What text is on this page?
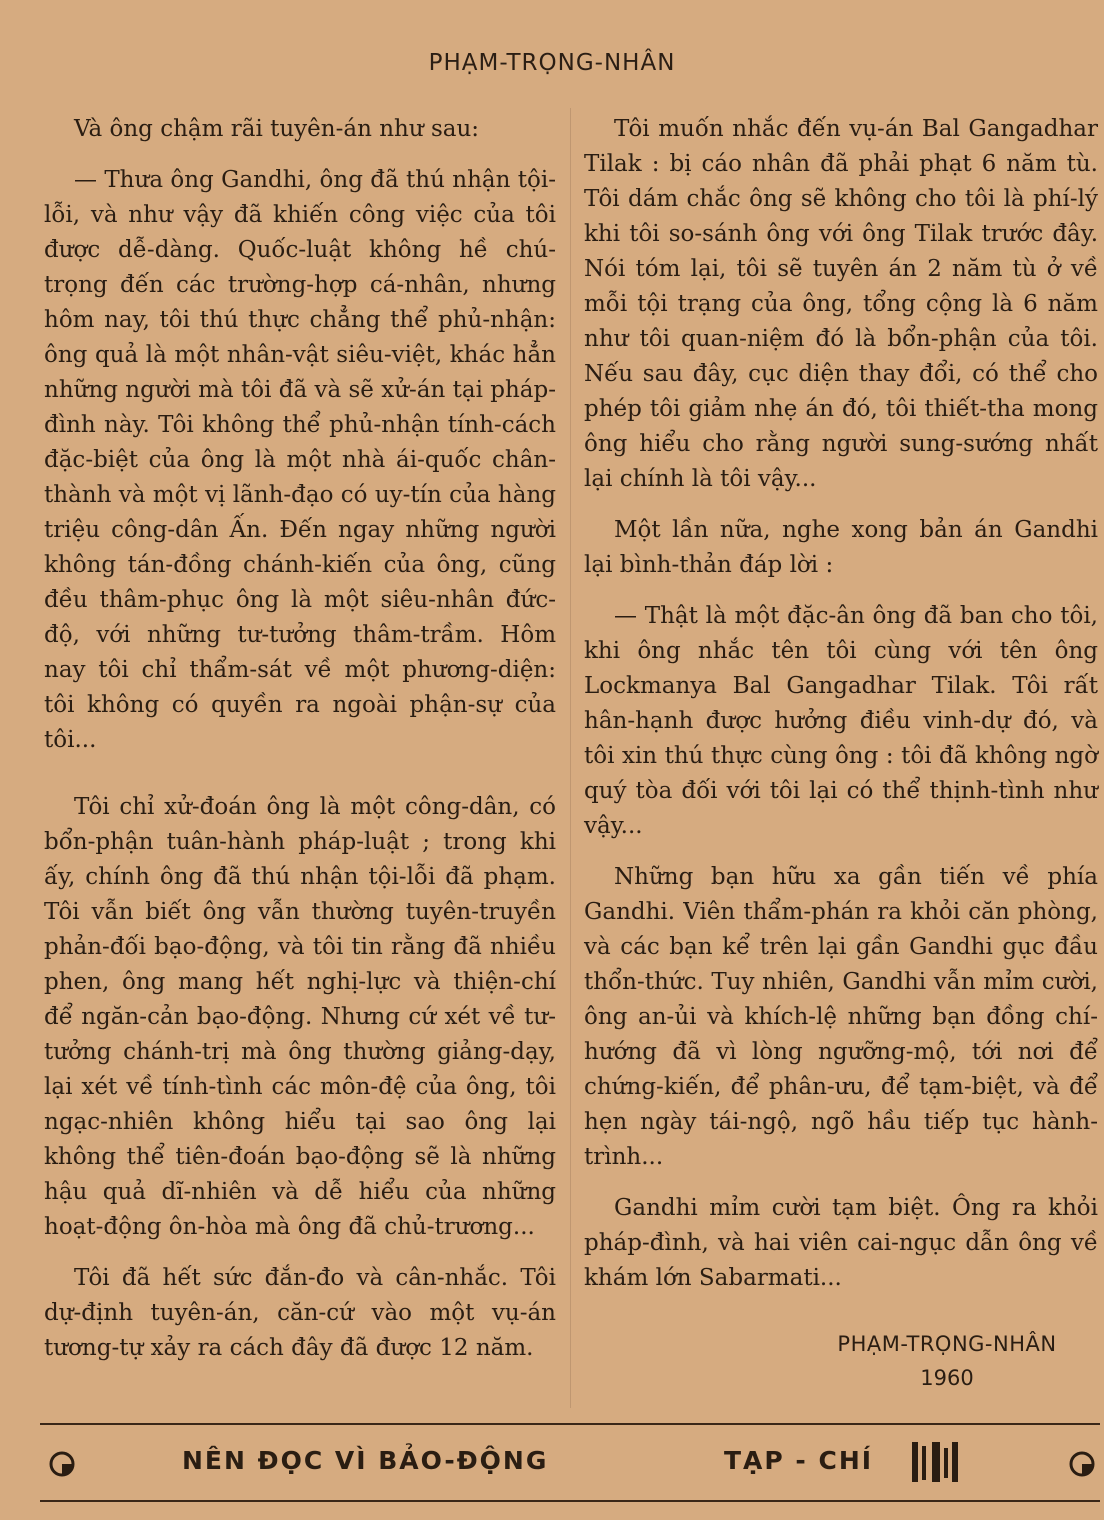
PHẠM-TRỌNG-NHÂN

Và ông chậm rãi tuyên-án như sau:

— Thưa ông Gandhi, ông đã thú nhận tội-lỗi, và như vậy đã khiến công việc của tôi được dễ-dàng. Quốc-luật không hề chú-trọng đến các trường-hợp cá-nhân, nhưng hôm nay, tôi thú thực chẳng thể phủ-nhận: ông quả là một nhân-vật siêu-việt, khác hẳn những người mà tôi đã và sẽ xử-án tại pháp-đình này. Tôi không thể phủ-nhận tính-cách đặc-biệt của ông là một nhà ái-quốc chân-thành và một vị lãnh-đạo có uy-tín của hàng triệu công-dân Ấn. Đến ngay những người không tán-đồng chánh-kiến của ông, cũng đều thâm-phục ông là một siêu-nhân đức-độ, với những tư-tưởng thâm-trầm. Hôm nay tôi chỉ thẩm-sát về một phương-diện: tôi không có quyền ra ngoài phận-sự của tôi...

Tôi chỉ xử-đoán ông là một công-dân, có bổn-phận tuân-hành pháp-luật ; trong khi ấy, chính ông đã thú nhận tội-lỗi đã phạm. Tôi vẫn biết ông vẫn thường tuyên-truyền phản-đối bạo-động, và tôi tin rằng đã nhiều phen, ông mang hết nghị-lực và thiện-chí để ngăn-cản bạo-động. Nhưng cứ xét về tư-tưởng chánh-trị mà ông thường giảng-dạy, lại xét về tính-tình các môn-đệ của ông, tôi ngạc-nhiên không hiểu tại sao ông lại không thể tiên-đoán bạo-động sẽ là những hậu quả dĩ-nhiên và dễ hiểu của những hoạt-động ôn-hòa mà ông đã chủ-trương...

Tôi đã hết sức đắn-đo và cân-nhắc. Tôi dự-định tuyên-án, căn-cứ vào một vụ-án tương-tự xảy ra cách đây đã được 12 năm.

Tôi muốn nhắc đến vụ-án Bal Gangadhar Tilak : bị cáo nhân đã phải phạt 6 năm tù. Tôi dám chắc ông sẽ không cho tôi là phí-lý khi tôi so-sánh ông với ông Tilak trước đây. Nói tóm lại, tôi sẽ tuyên án 2 năm tù ở về mỗi tội trạng của ông, tổng cộng là 6 năm như tôi quan-niệm đó là bổn-phận của tôi. Nếu sau đây, cục diện thay đổi, có thể cho phép tôi giảm nhẹ án đó, tôi thiết-tha mong ông hiểu cho rằng người sung-sướng nhất lại chính là tôi vậy...

Một lần nữa, nghe xong bản án Gandhi lại bình-thản đáp lời :

— Thật là một đặc-ân ông đã ban cho tôi, khi ông nhắc tên tôi cùng với tên ông Lockmanya Bal Gangadhar Tilak. Tôi rất hân-hạnh được hưởng điều vinh-dự đó, và tôi xin thú thực cùng ông : tôi đã không ngờ quý tòa đối với tôi lại có thể thịnh-tình như vậy...

Những bạn hữu xa gần tiến về phía Gandhi. Viên thẩm-phán ra khỏi căn phòng, và các bạn kể trên lại gần Gandhi gục đầu thổn-thức. Tuy nhiên, Gandhi vẫn mỉm cười, ông an-ủi và khích-lệ những bạn đồng chí-hướng đã vì lòng ngưỡng-mộ, tới nơi để chứng-kiến, để phân-ưu, để tạm-biệt, và để hẹn ngày tái-ngộ, ngõ hầu tiếp tục hành-trình...

Gandhi mỉm cười tạm biệt. Ông ra khỏi pháp-đình, và hai viên cai-ngục dẫn ông về khám lớn Sabarmati...

PHẠM-TRỌNG-NHÂN
1960
NÊN ĐỌC VÌ BẢO-ĐỘNG	TẠP - CHÍ
